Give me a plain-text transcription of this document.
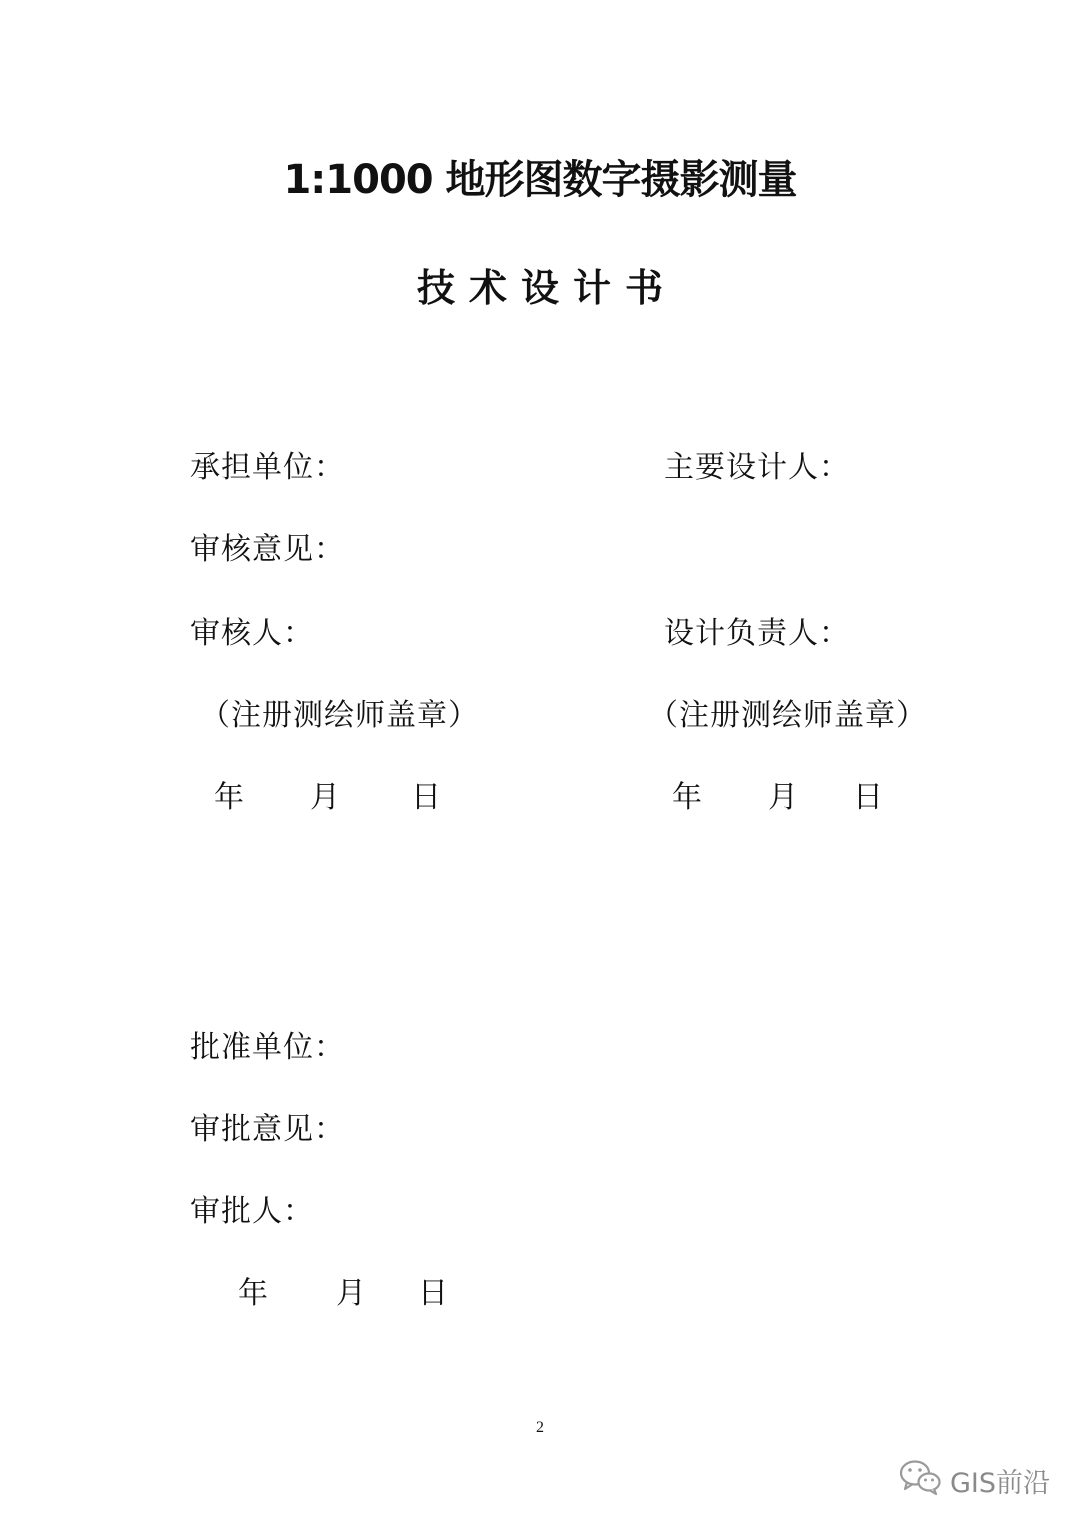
1:1000 地形图数字摄影测量
技术设计书
承担单位：	主要设计人：
审核意见：
审核人：	设计负责人：
（注册测绘师盖章）	（注册测绘师盖章）
年 月 日	年 月 日
批准单位：
审批意见：
审批人：
年 月 日
2
GIS前沿
